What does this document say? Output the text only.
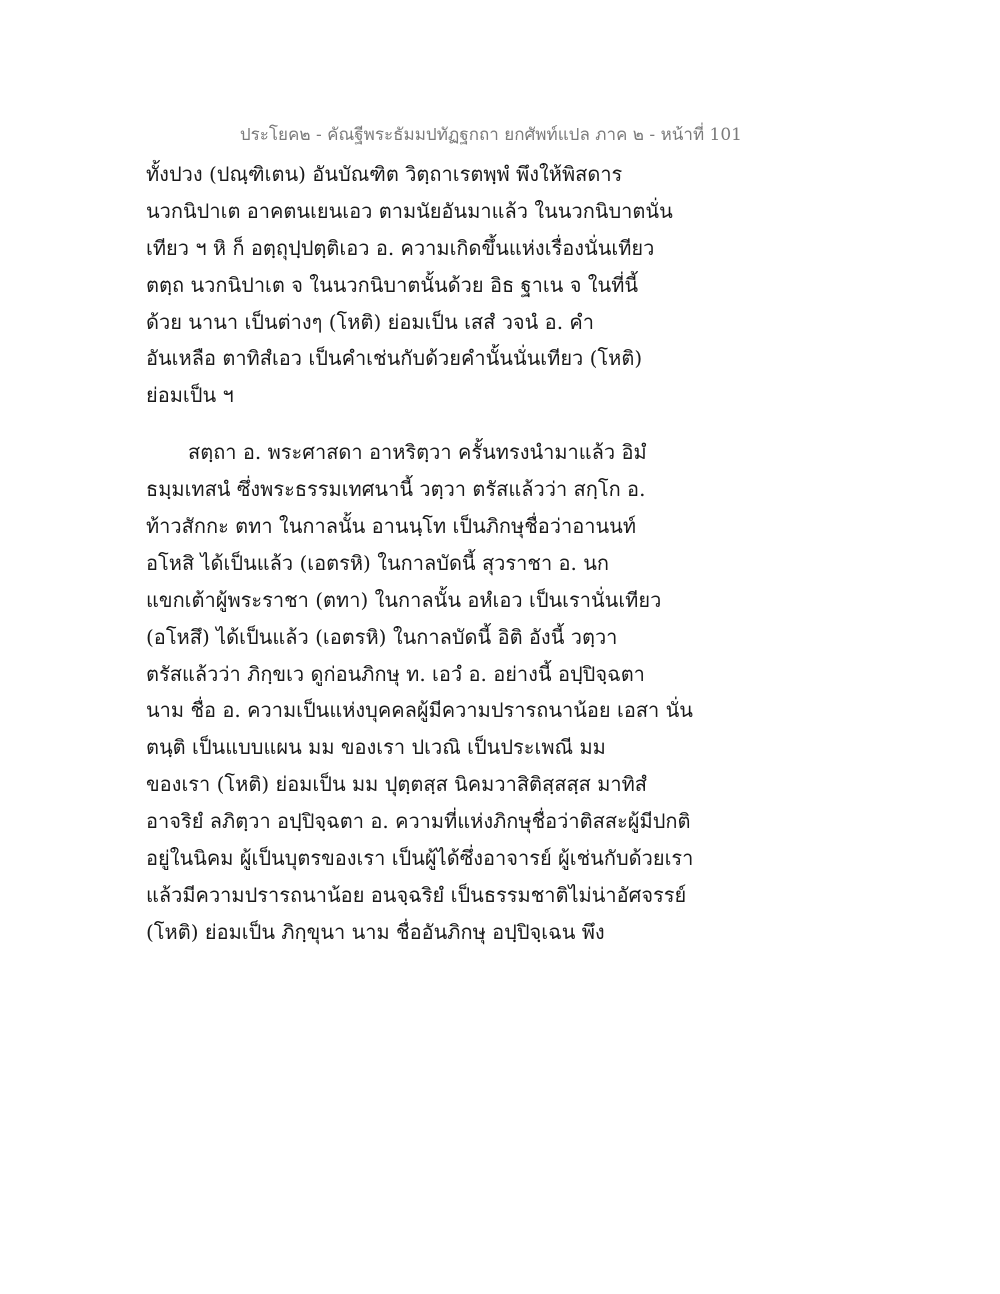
ประโยค๒ - คัณฐีพระธัมมปทัฏฐกถา ยกศัพท์แปล ภาค ๒ - หน้าที่ 101
ทั้งปวง (ปณฺฑิเตน) อันบัณฑิต วิตฺถาเรตพฺพํ พึงให้พิสดาร
นวกนิปาเต อาคตนเยนเอว ตามนัยอันมาแล้ว ในนวกนิบาตนั่น
เทียว ฯ หิ ก็ อตฺถุปฺปตฺติเอว อ. ความเกิดขึ้นแห่งเรื่องนั่นเทียว
ตตฺถ นวกนิปาเต จ ในนวกนิบาตนั้นด้วย อิธ ฐาเน จ ในที่นี้
ด้วย นานา เป็นต่างๆ (โหติ) ย่อมเป็น เสสํ วจนํ อ. คำ
อันเหลือ ตาทิสํเอว เป็นคำเช่นกับด้วยคำนั้นนั่นเทียว (โหติ)
ย่อมเป็น ฯ
สตฺถา อ. พระศาสดา อาหริตฺวา ครั้นทรงนำมาแล้ว อิมํ
ธมฺมเทสนํ ซึ่งพระธรรมเทศนานี้ วตฺวา ตรัสแล้วว่า สกฺโก อ.
ท้าวสักกะ ตทา ในกาลนั้น อานนฺโท เป็นภิกษุชื่อว่าอานนท์
อโหสิ ได้เป็นแล้ว (เอตรหิ) ในกาลบัดนี้ สุวราชา อ. นก
แขกเต้าผู้พระราชา (ตทา) ในกาลนั้น อหํเอว เป็นเรานั่นเทียว
(อโหสึ) ได้เป็นแล้ว (เอตรหิ) ในกาลบัดนี้ อิติ อังนี้ วตฺวา
ตรัสแล้วว่า ภิกฺขเว ดูก่อนภิกษุ ท. เอวํ อ. อย่างนี้ อปฺปิจฺฉตา
นาม ชื่อ อ. ความเป็นแห่งบุคคลผู้มีความปรารถนาน้อย เอสา นั่น
ตนฺติ เป็นแบบแผน มม ของเรา ปเวณิ เป็นประเพณี มม
ของเรา (โหติ) ย่อมเป็น มม ปุตฺตสฺส นิคมวาสิติสฺสสฺส มาทิสํ
อาจริยํ ลภิตฺวา อปฺปิจฺฉตา อ. ความที่แห่งภิกษุชื่อว่าติสสะผู้มีปกติ
อยู่ในนิคม ผู้เป็นบุตรของเรา เป็นผู้ได้ซึ่งอาจารย์ ผู้เช่นกับด้วยเรา
แล้วมีความปรารถนาน้อย อนจฺฉริยํ เป็นธรรมชาติไม่น่าอัศจรรย์
(โหติ) ย่อมเป็น ภิกฺขุนา นาม ชื่ออันภิกษุ อปฺปิจฺเฉน พึง
